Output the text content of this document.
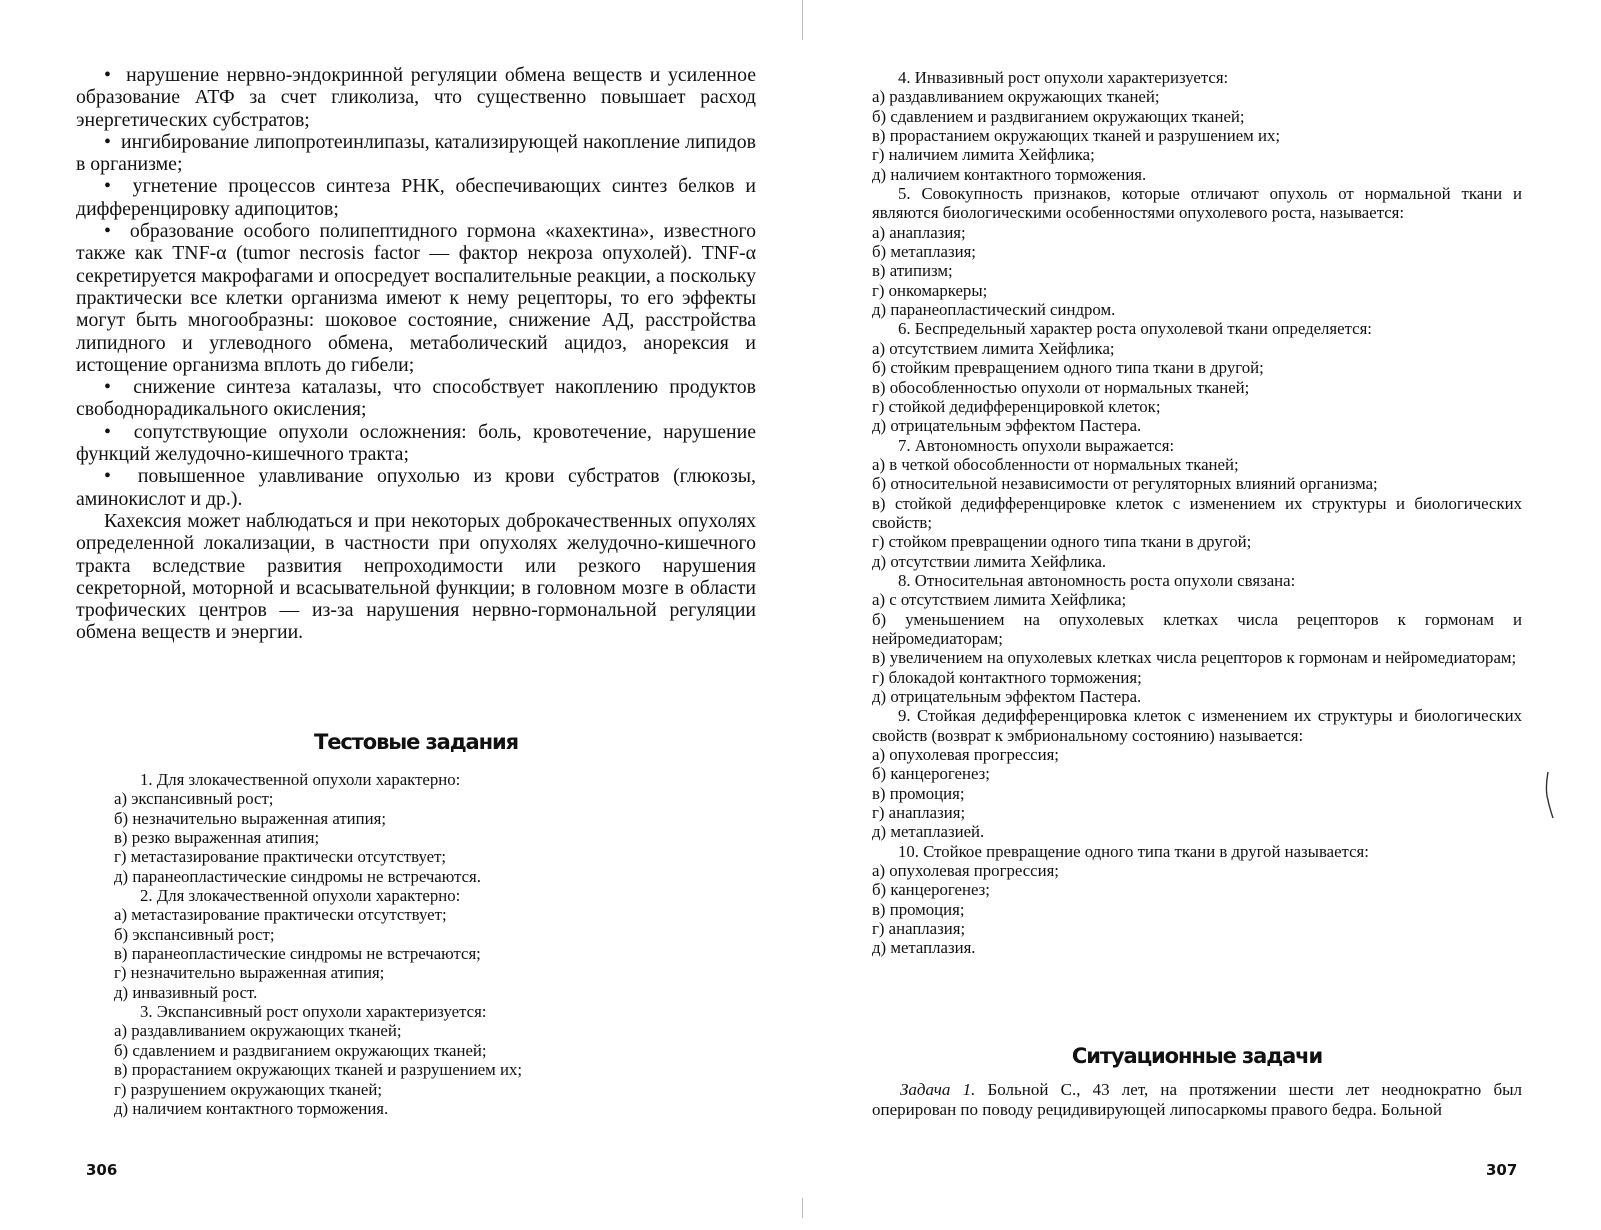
•  нарушение нервно-эндокринной регуляции обмена веществ и усиленное образование АТФ за счет гликолиза, что существенно повышает расход энергетических субстратов;

•  ингибирование липопротеинлипазы, катализирующей накопление липидов в организме;

•  угнетение процессов синтеза РНК, обеспечивающих синтез белков и дифференцировку адипоцитов;

•  образование особого полипептидного гормона «кахектина», известного также как TNF-α (tumor necrosis factor — фактор некроза опухолей). TNF-α секретируется макрофагами и опосредует воспалительные реакции, а поскольку практически все клетки организма имеют к нему рецепторы, то его эффекты могут быть многообразны: шоковое состояние, снижение АД, расстройства липидного и углеводного обмена, метаболический ацидоз, анорексия и истощение организма вплоть до гибели;

•  снижение синтеза каталазы, что способствует накоплению продуктов свободнорадикального окисления;

•  сопутствующие опухоли осложнения: боль, кровотечение, нарушение функций желудочно-кишечного тракта;

•  повышенное улавливание опухолью из крови субстратов (глюкозы, аминокислот и др.).

Кахексия может наблюдаться и при некоторых доброкачественных опухолях определенной локализации, в частности при опухолях желудочно-кишечного тракта вследствие развития непроходимости или резкого нарушения секреторной, моторной и всасывательной функции; в головном мозге в области трофических центров — из-за нарушения нервно-гормональной регуляции обмена веществ и энергии.

Тестовые задания
1. Для злокачественной опухоли характерно:
а) экспансивный рост;
б) незначительно выраженная атипия;
в) резко выраженная атипия;
г) метастазирование практически отсутствует;
д) паранеопластические синдромы не встречаются.
2. Для злокачественной опухоли характерно:
а) метастазирование практически отсутствует;
б) экспансивный рост;
в) паранеопластические синдромы не встречаются;
г) незначительно выраженная атипия;
д) инвазивный рост.
3. Экспансивный рост опухоли характеризуется:
а) раздавливанием окружающих тканей;
б) сдавлением и раздвиганием окружающих тканей;
в) прорастанием окружающих тканей и разрушением их;
г) разрушением окружающих тканей;
д) наличием контактного торможения.

306

4. Инвазивный рост опухоли характеризуется:
а) раздавливанием окружающих тканей;
б) сдавлением и раздвиганием окружающих тканей;
в) прорастанием окружающих тканей и разрушением их;
г) наличием лимита Хейфлика;
д) наличием контактного торможения.
5. Совокупность признаков, которые отличают опухоль от нормальной ткани и являются биологическими особенностями опухолевого роста, называется:
а) анаплазия;
б) метаплазия;
в) атипизм;
г) онкомаркеры;
д) паранеопластический синдром.
6. Беспредельный характер роста опухолевой ткани определяется:
а) отсутствием лимита Хейфлика;
б) стойким превращением одного типа ткани в другой;
в) обособленностью опухоли от нормальных тканей;
г) стойкой дедифференцировкой клеток;
д) отрицательным эффектом Пастера.
7. Автономность опухоли выражается:
а) в четкой обособленности от нормальных тканей;
б) относительной независимости от регуляторных влияний организма;
в) стойкой дедифференцировке клеток с изменением их структуры и биологических свойств;
г) стойком превращении одного типа ткани в другой;
д) отсутствии лимита Хейфлика.
8. Относительная автономность роста опухоли связана:
а) с отсутствием лимита Хейфлика;
б) уменьшением на опухолевых клетках числа рецепторов к гормонам и нейромедиаторам;
в) увеличением на опухолевых клетках числа рецепторов к гормонам и нейромедиаторам;
г) блокадой контактного торможения;
д) отрицательным эффектом Пастера.
9. Стойкая дедифференцировка клеток с изменением их структуры и биологических свойств (возврат к эмбриональному состоянию) называется:
а) опухолевая прогрессия;
б) канцерогенез;
в) промоция;
г) анаплазия;
д) метаплазией.
10. Стойкое превращение одного типа ткани в другой называется:
а) опухолевая прогрессия;
б) канцерогенез;
в) промоция;
г) анаплазия;
д) метаплазия.
Ситуационные задачи

Задача 1. Больной С., 43 лет, на протяжении шести лет неоднократно был оперирован по поводу рецидивирующей липосаркомы правого бедра. Больной

307
